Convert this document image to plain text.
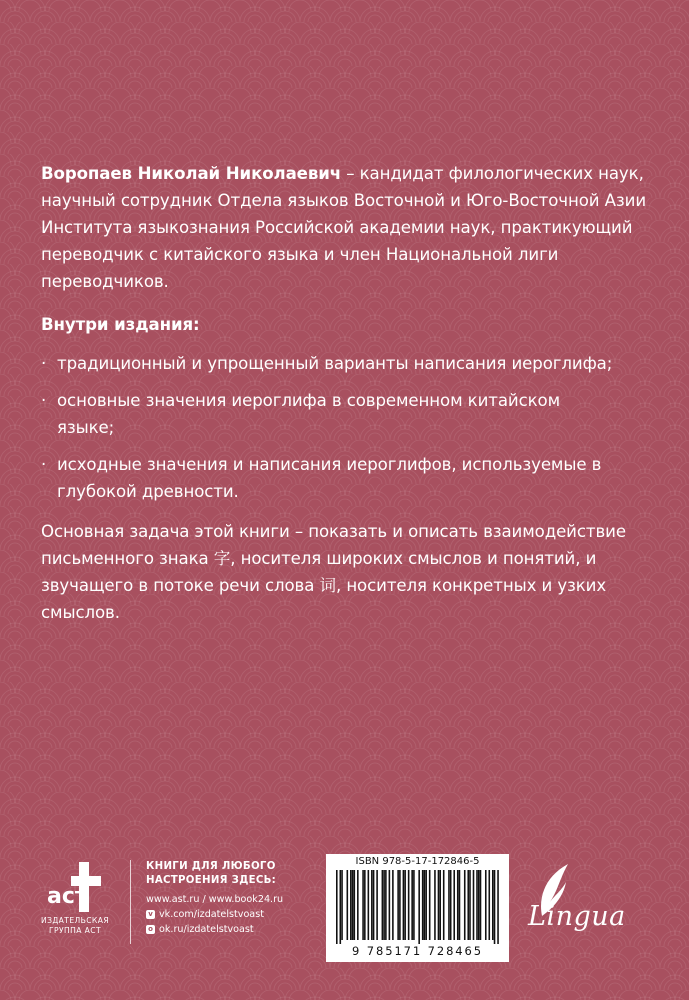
Воропаев Николай Николаевич – кандидат филологических наук, научный сотрудник Отдела языков Восточной и Юго-Восточной Азии Института языкознания Российской академии наук, практикующий переводчик с китайского языка и член Национальной лиги переводчиков.

Внутри издания:

· традиционный и упрощенный варианты написания иероглифа;
· основные значения иероглифа в современном китайском языке;
· исходные значения и написания иероглифов, используемые в глубокой древности.

Основная задача этой книги – показать и описать взаимодействие письменного знака 字, носителя широких смыслов и понятий, и звучащего в потоке речи слова 词, носителя конкретных и узких смыслов.

аст
ИЗДАТЕЛЬСКАЯ
ГРУППА АСТ
КНИГИ ДЛЯ ЛЮБОГО
НАСТРОЕНИЯ ЗДЕСЬ:
www.ast.ru / www.book24.ru
v vk.com/izdatelstvoast
o ok.ru/izdatelstvoast
ISBN 978-5-17-172846-5
9 785171 728465
Lingua
